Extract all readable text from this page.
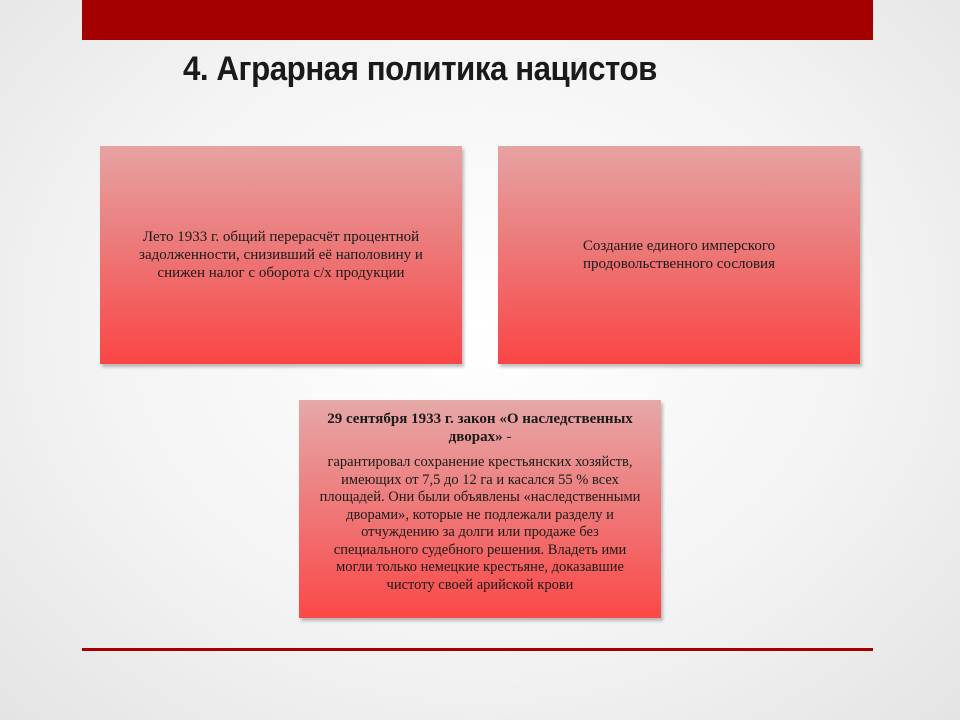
4. Аграрная политика нацистов
Лето 1933 г. общий перерасчёт процентной задолженности, снизивший её наполовину и снижен налог с оборота с/х продукции
Создание единого имперского продовольственного сословия
29 сентября 1933 г. закон «О наследственных дворах» -
гарантировал сохранение крестьянских хозяйств, имеющих от 7,5 до 12 га и касался 55 % всех площадей. Они были объявлены «наследственными дворами», которые не подлежали разделу и отчуждению за долги или продаже без специального судебного решения. Владеть ими могли только немецкие крестьяне, доказавшие чистоту своей арийской крови
